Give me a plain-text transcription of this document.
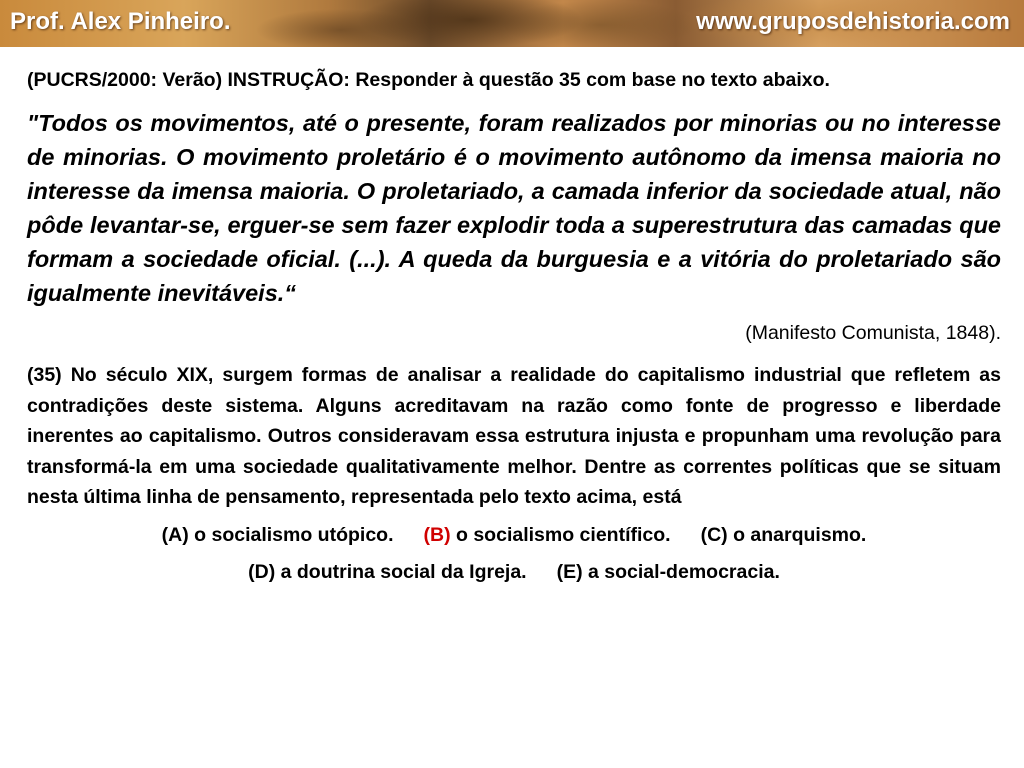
Prof. Alex Pinheiro.	www.gruposdehistoria.com

(PUCRS/2000: Verão) INSTRUÇÃO: Responder à questão 35 com base no texto abaixo.

"Todos os movimentos, até o presente, foram realizados por minorias ou no interesse de minorias. O movimento proletário é o movimento autônomo da imensa maioria no interesse da imensa maioria. O proletariado, a camada inferior da sociedade atual, não pôde levantar-se, erguer-se sem fazer explodir toda a superestrutura das camadas que formam a sociedade oficial. (...). A queda da burguesia e a vitória do proletariado são igualmente inevitáveis.“

(Manifesto Comunista, 1848).

(35) No século XIX, surgem formas de analisar a realidade do capitalismo industrial que refletem as contradições deste sistema. Alguns acreditavam na razão como fonte de progresso e liberdade inerentes ao capitalismo. Outros consideravam essa estrutura injusta e propunham uma revolução para transformá-la em uma sociedade qualitativamente melhor. Dentre as correntes políticas que se situam nesta última linha de pensamento, representada pelo texto acima, está

(A) o socialismo utópico. (B) o socialismo científico. (C) o anarquismo.
(D) a doutrina social da Igreja. (E) a social-democracia.
